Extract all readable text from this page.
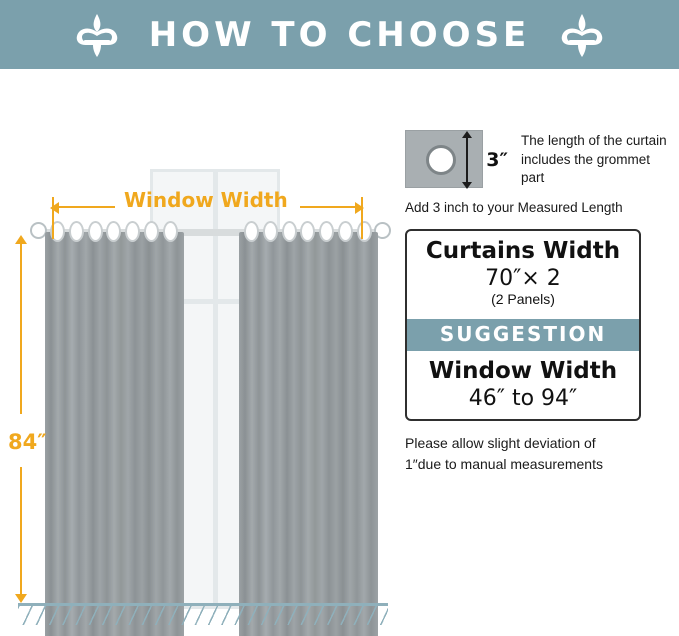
HOW TO CHOOSE
Window Width
84″
3″
The length of the curtain includes the grommet part
Add 3 inch to your Measured Length
Curtains Width
70″× 2
(2 Panels)
SUGGESTION
Window Width
46″ to 94″
Please allow slight deviation of
1″due to manual measurements
